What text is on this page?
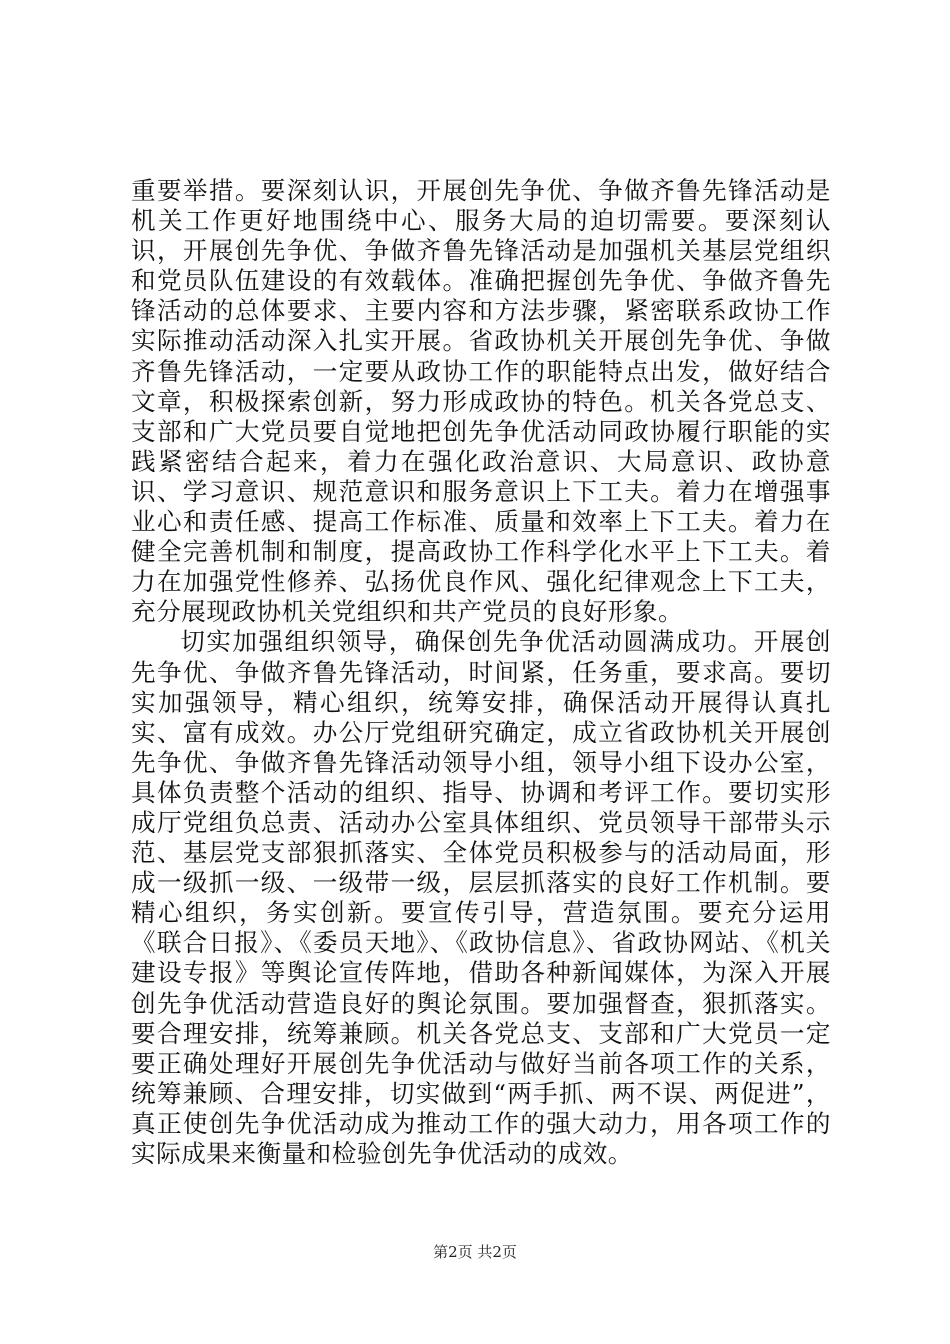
重要举措。要深刻认识，开展创先争优、争做齐鲁先锋活动是机关工作更好地围绕中心、服务大局的迫切需要。要深刻认识，开展创先争优、争做齐鲁先锋活动是加强机关基层党组织和党员队伍建设的有效载体。准确把握创先争优、争做齐鲁先锋活动的总体要求、主要内容和方法步骤，紧密联系政协工作实际推动活动深入扎实开展。省政协机关开展创先争优、争做齐鲁先锋活动，一定要从政协工作的职能特点出发，做好结合文章，积极探索创新，努力形成政协的特色。机关各党总支、支部和广大党员要自觉地把创先争优活动同政协履行职能的实践紧密结合起来，着力在强化政治意识、大局意识、政协意识、学习意识、规范意识和服务意识上下工夫。着力在增强事业心和责任感、提高工作标准、质量和效率上下工夫。着力在健全完善机制和制度，提高政协工作科学化水平上下工夫。着力在加强党性修养、弘扬优良作风、强化纪律观念上下工夫，充分展现政协机关党组织和共产党员的良好形象。

切实加强组织领导，确保创先争优活动圆满成功。开展创先争优、争做齐鲁先锋活动，时间紧，任务重，要求高。要切实加强领导，精心组织，统筹安排，确保活动开展得认真扎实、富有成效。办公厅党组研究确定，成立省政协机关开展创先争优、争做齐鲁先锋活动领导小组，领导小组下设办公室，具体负责整个活动的组织、指导、协调和考评工作。要切实形成厅党组负总责、活动办公室具体组织、党员领导干部带头示范、基层党支部狠抓落实、全体党员积极参与的活动局面，形成一级抓一级、一级带一级，层层抓落实的良好工作机制。要精心组织，务实创新。要宣传引导，营造氛围。要充分运用《联合日报》、《委员天地》、《政协信息》、省政协网站、《机关建设专报》等舆论宣传阵地，借助各种新闻媒体，为深入开展创先争优活动营造良好的舆论氛围。要加强督查，狠抓落实。要合理安排，统筹兼顾。机关各党总支、支部和广大党员一定要正确处理好开展创先争优活动与做好当前各项工作的关系，统筹兼顾、合理安排，切实做到“两手抓、两不误、两促进”，真正使创先争优活动成为推动工作的强大动力，用各项工作的实际成果来衡量和检验创先争优活动的成效。

第2页 共2页
